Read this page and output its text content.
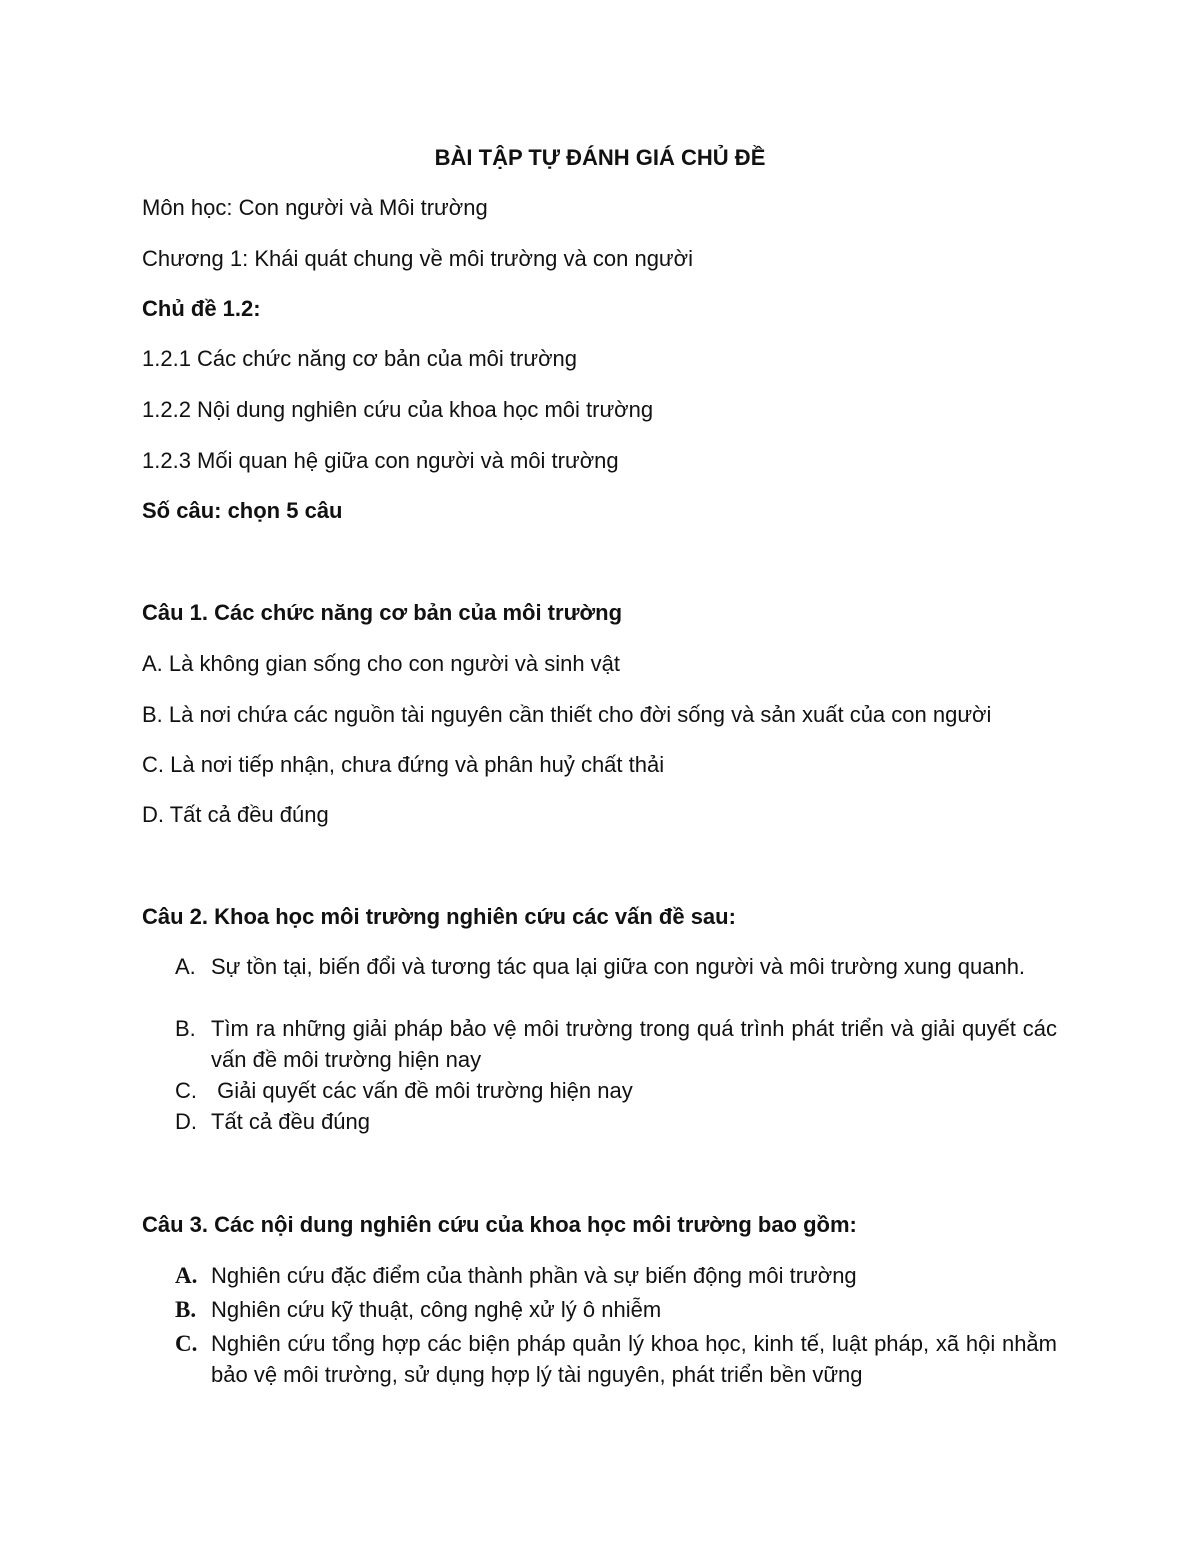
BÀI TẬP TỰ ĐÁNH GIÁ CHỦ ĐỀ
Môn học: Con người và Môi trường
Chương 1: Khái quát chung về môi trường và con người
Chủ đề 1.2:
1.2.1 Các chức năng cơ bản của môi trường
1.2.2 Nội dung nghiên cứu của khoa học môi trường
1.2.3 Mối quan hệ giữa con người và môi trường
Số câu: chọn 5 câu
Câu 1. Các chức năng cơ bản của môi trường
A. Là không gian sống cho con người và sinh vật
B. Là nơi chứa các nguồn tài nguyên cần thiết cho đời sống và sản xuất của con người
C. Là nơi tiếp nhận, chưa đứng và phân huỷ chất thải
D. Tất cả đều đúng
Câu 2. Khoa học môi trường nghiên cứu các vấn đề sau:
A. Sự tồn tại, biến đổi và tương tác qua lại giữa con người và môi trường xung quanh.
B. Tìm ra những giải pháp bảo vệ môi trường trong quá trình phát triển và giải quyết các vấn đề môi trường hiện nay
C. Giải quyết các vấn đề môi trường hiện nay
D. Tất cả đều đúng
Câu 3. Các nội dung nghiên cứu của khoa học môi trường bao gồm:
A. Nghiên cứu đặc điểm của thành phần và sự biến động môi trường
B. Nghiên cứu kỹ thuật, công nghệ xử lý ô nhiễm
C. Nghiên cứu tổng hợp các biện pháp quản lý khoa học, kinh tế, luật pháp, xã hội nhằm bảo vệ môi trường, sử dụng hợp lý tài nguyên, phát triển bền vững
